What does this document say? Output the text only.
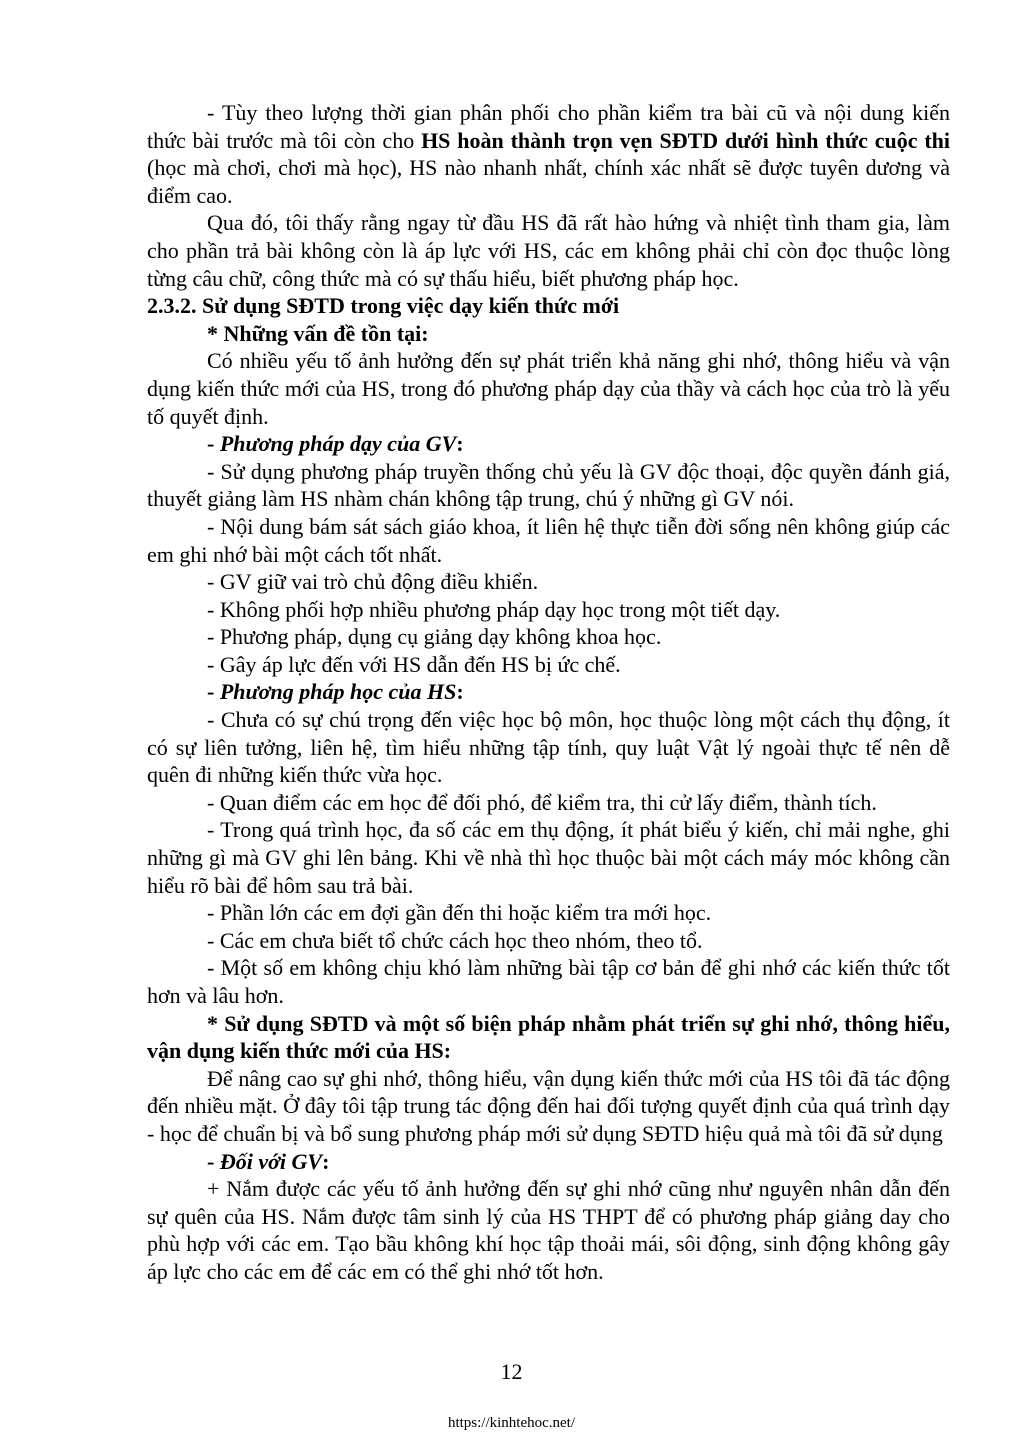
- Tùy theo lượng thời gian phân phối cho phần kiểm tra bài cũ và nội dung kiến thức bài trước mà tôi còn cho HS hoàn thành trọn vẹn SĐTD dưới hình thức cuộc thi (học mà chơi, chơi mà học), HS nào nhanh nhất, chính xác nhất sẽ được tuyên dương và điểm cao.

Qua đó, tôi thấy rằng ngay từ đầu HS đã rất hào hứng và nhiệt tình tham gia, làm cho phần trả bài không còn là áp lực với HS, các em không phải chỉ còn đọc thuộc lòng từng câu chữ, công thức mà có sự thấu hiểu, biết phương pháp học.

2.3.2. Sử dụng SĐTD trong việc dạy kiến thức mới

* Những vấn đề tồn tại:

Có nhiều yếu tố ảnh hưởng đến sự phát triển khả năng ghi nhớ, thông hiểu và vận dụng kiến thức mới của HS, trong đó phương pháp dạy của thầy và cách học của trò là yếu tố quyết định.

- Phương pháp dạy của GV:

- Sử dụng phương pháp truyền thống chủ yếu là GV độc thoại, độc quyền đánh giá, thuyết giảng làm HS nhàm chán không tập trung, chú ý những gì GV nói.

- Nội dung bám sát sách giáo khoa, ít liên hệ thực tiễn đời sống nên không giúp các em ghi nhớ bài một cách tốt nhất.

- GV giữ vai trò chủ động điều khiển.

- Không phối hợp nhiều phương pháp dạy học trong một tiết dạy.

- Phương pháp, dụng cụ giảng dạy không khoa học.

- Gây áp lực đến với HS dẫn đến HS bị ức chế.

- Phương pháp học của HS:

- Chưa có sự chú trọng đến việc học bộ môn, học thuộc lòng một cách thụ động, ít có sự liên tưởng, liên hệ, tìm hiểu những tập tính, quy luật Vật lý ngoài thực tế nên dễ quên đi những kiến thức vừa học.

- Quan điểm các em học để đối phó, để kiểm tra, thi cử lấy điểm, thành tích.

- Trong quá trình học, đa số các em thụ động, ít phát biểu ý kiến, chỉ mải nghe, ghi những gì mà GV ghi lên bảng. Khi về nhà thì học thuộc bài một cách máy móc không cần hiểu rõ bài để hôm sau trả bài.

- Phần lớn các em đợi gần đến thi hoặc kiểm tra mới học.

- Các em chưa biết tổ chức cách học theo nhóm, theo tổ.

- Một số em không chịu khó làm những bài tập cơ bản để ghi nhớ các kiến thức tốt hơn và lâu hơn.

* Sử dụng SĐTD và một số biện pháp nhằm phát triển sự ghi nhớ, thông hiểu, vận dụng kiến thức mới của HS:

Để nâng cao sự ghi nhớ, thông hiểu, vận dụng kiến thức mới của HS tôi đã tác động đến nhiều mặt. Ở đây tôi tập trung tác động đến hai đối tượng quyết định của quá trình dạy - học để chuẩn bị và bổ sung phương pháp mới sử dụng SĐTD hiệu quả mà tôi đã sử dụng

- Đối với GV:

+ Nắm được các yếu tố ảnh hưởng đến sự ghi nhớ cũng như nguyên nhân dẫn đến sự quên của HS. Nắm được tâm sinh lý của HS THPT để có phương pháp giảng day cho phù hợp với các em. Tạo bầu không khí học tập thoải mái, sôi động, sinh động không gây áp lực cho các em để các em có thể ghi nhớ tốt hơn.

12
https://kinhtehoc.net/
